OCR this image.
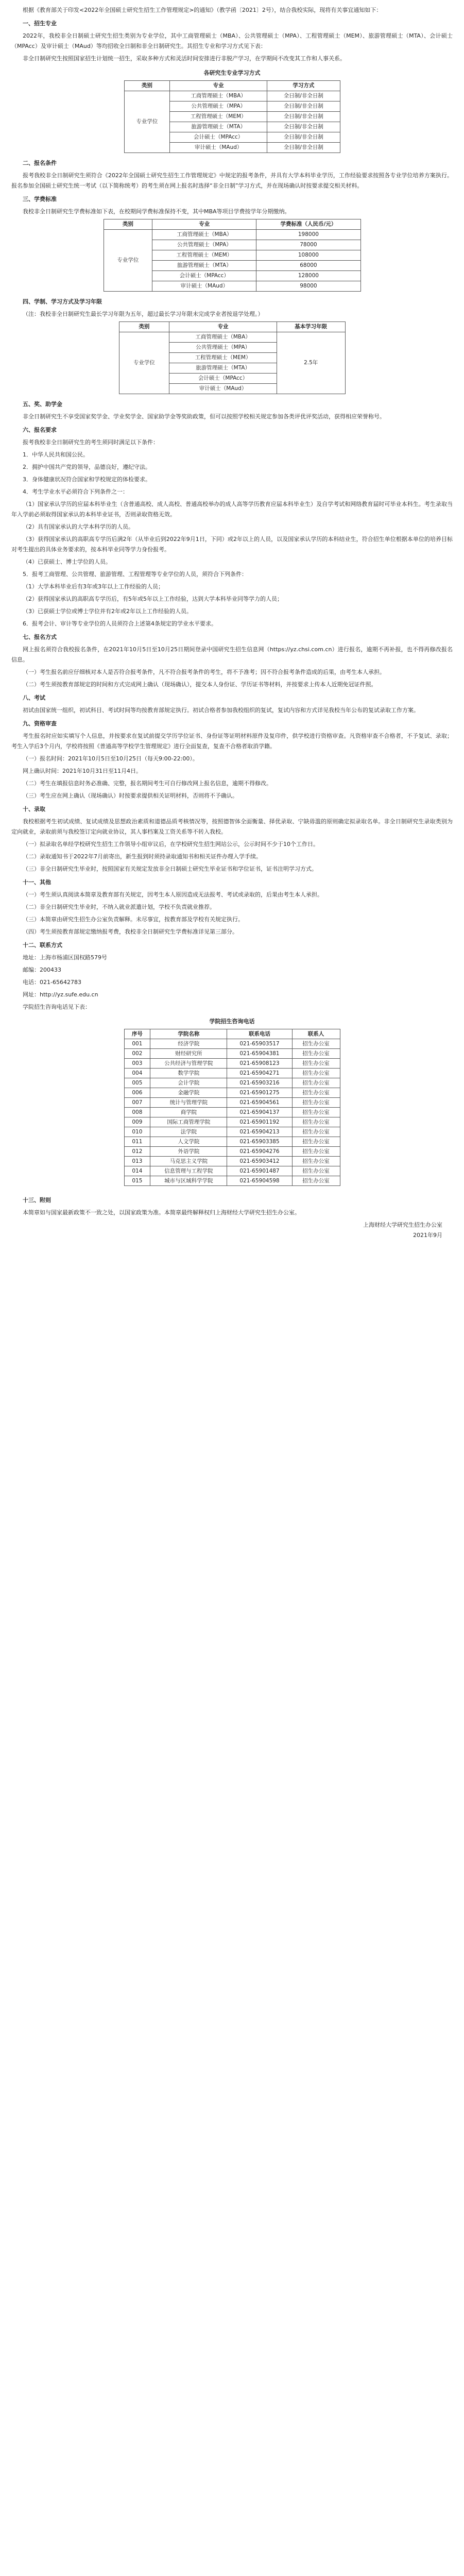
根据《教育部关于印发<2022年全国硕士研究生招生工作管理规定>的通知》（教学函〔2021〕2号），结合我校实际，现将有关事宜通知如下：

一、招生专业

2022年，我校非全日制硕士研究生招生类别为专业学位，其中工商管理硕士（MBA）、公共管理硕士（MPA）、工程管理硕士（MEM）、旅游管理硕士（MTA）、会计硕士（MPAcc）及审计硕士（MAud）等均招收全日制和非全日制研究生。其招生专业和学习方式见下表：

非全日制研究生按照国家招生计划统一招生，采取多种方式和灵活时间安排进行非脱产学习，在学期间不改变其工作和人事关系。

各研究生专业学习方式
类别	专业	学习方式
专业学位	工商管理硕士（MBA）	全日制/非全日制
	公共管理硕士（MPA）	全日制/非全日制
	工程管理硕士（MEM）	全日制/非全日制
	旅游管理硕士（MTA）	全日制/非全日制
	会计硕士（MPAcc）	全日制/非全日制
	审计硕士（MAud）	全日制/非全日制
二、报名条件

报考我校非全日制研究生须符合《2022年全国硕士研究生招生工作管理规定》中规定的报考条件，并具有大学本科毕业学历，工作经验要求按照各专业学位培养方案执行。报名参加全国硕士研究生统一考试（以下简称统考）的考生须在网上报名时选择“非全日制”学习方式，并在现场确认时按要求提交相关材料。

三、学费标准

我校非全日制研究生学费标准如下表，在校期间学费标准保持不变，其中MBA等项目学费按学年分期缴纳。

类别	专业	学费标准（人民币/元）
专业学位	工商管理硕士（MBA）	198000
	公共管理硕士（MPA）	78000
	工程管理硕士（MEM）	108000
	旅游管理硕士（MTA）	68000
	会计硕士（MPAcc）	128000
	审计硕士（MAud）	98000
四、学制、学习方式及学习年限

（注：我校非全日制研究生最长学习年限为五年，超过最长学习年限未完成学业者按退学处理。）

类别	专业	基本学习年限
专业学位	工商管理硕士（MBA）	2.5年
	公共管理硕士（MPA）	
	工程管理硕士（MEM）	
	旅游管理硕士（MTA）	
	会计硕士（MPAcc）	
	审计硕士（MAud）	
五、奖、助学金

非全日制研究生不享受国家奖学金、学业奖学金、国家助学金等奖助政策，但可以按照学校相关规定参加各类评优评奖活动，获得相应荣誉称号。

六、报名要求

报考我校非全日制研究生的考生须同时满足以下条件：

1．中华人民共和国公民。

2．拥护中国共产党的领导，品德良好，遵纪守法。

3．身体健康状况符合国家和学校规定的体检要求。

4．考生学业水平必须符合下列条件之一：

（1）国家承认学历的应届本科毕业生（含普通高校、成人高校、普通高校举办的成人高等学历教育应届本科毕业生）及自学考试和网络教育届时可毕业本科生。考生录取当年入学前必须取得国家承认的本科毕业证书，否则录取资格无效。

（2）具有国家承认的大学本科学历的人员。

（3）获得国家承认的高职高专学历后满2年（从毕业后到2022年9月1日，下同）或2年以上的人员，以及国家承认学历的本科结业生，符合招生单位根据本单位的培养目标对考生提出的具体业务要求的，按本科毕业同等学力身份报考。

（4）已获硕士、博士学位的人员。

5．报考工商管理、公共管理、旅游管理、工程管理等专业学位的人员，须符合下列条件：

（1）大学本科毕业后有3年或3年以上工作经验的人员；

（2）获得国家承认的高职高专学历后，有5年或5年以上工作经验，达到大学本科毕业同等学力的人员；

（3）已获硕士学位或博士学位并有2年或2年以上工作经验的人员。

6．报考会计、审计等专业学位的人员须符合上述第4条规定的学业水平要求。

七、报名方式

网上报名须符合我校报名条件，在2021年10月5日至10月25日期间登录中国研究生招生信息网（https://yz.chsi.com.cn）进行报名，逾期不再补报，也不得再修改报名信息。

（一）考生报名前应仔细核对本人是否符合报考条件，凡不符合报考条件的考生，将不予准考；因不符合报考条件造成的后果，由考生本人承担。

（二）考生须按教育部规定的时间和方式完成网上确认（现场确认），提交本人身份证、学历证书等材料，并按要求上传本人近期免冠证件照。

八、考试

初试由国家统一组织，初试科目、考试时间等均按教育部规定执行。初试合格者参加我校组织的复试，复试内容和方式详见我校当年公布的复试录取工作方案。

九、资格审查

考生报名时应如实填写个人信息，并按要求在复试前提交学历学位证书、身份证等证明材料原件及复印件，供学校进行资格审查。凡资格审查不合格者，不予复试、录取；考生入学后3个月内，学校将按照《普通高等学校学生管理规定》进行全面复查，复查不合格者取消学籍。

（一）报名时间：2021年10月5日至10月25日（每天9:00-22:00）。

网上确认时间：2021年10月31日至11月4日。

（二）考生在填报信息时务必准确、完整，报名期间考生可自行修改网上报名信息，逾期不得修改。

（三）考生应在网上确认（现场确认）时按要求提供相关证明材料，否则将不予确认。

十、录取

我校根据考生初试成绩、复试成绩及思想政治素质和道德品质考核情况等，按照德智体全面衡量、择优录取、宁缺毋滥的原则确定拟录取名单。非全日制研究生录取类别为定向就业，录取前须与我校签订定向就业协议，其人事档案及工资关系等不转入我校。

（一）拟录取名单经学校研究生招生工作领导小组审议后，在学校研究生招生网站公示，公示时间不少于10个工作日。

（二）录取通知书于2022年7月前寄出，新生报到时须持录取通知书和相关证件办理入学手续。

（三）非全日制研究生毕业时，按照国家有关规定发放非全日制硕士研究生毕业证书和学位证书，证书注明学习方式。

十一、其他

（一）考生须认真阅读本简章及教育部有关规定，因考生本人原因造成无法报考、考试或录取的，后果由考生本人承担。

（二）非全日制研究生毕业时，不纳入就业派遣计划，学校不负责就业推荐。

（三）本简章由研究生招生办公室负责解释。未尽事宜，按教育部及学校有关规定执行。

（四）考生须按教育部规定缴纳报考费，我校非全日制研究生学费标准详见第三部分。

十二、联系方式

地址：上海市杨浦区国权路579号

邮编：200433

电话：021-65642783

网址：http://yz.sufe.edu.cn

学院招生咨询电话见下表：

学院招生咨询电话
序号	学院名称	联系电话	联系人
001	经济学院	021-65903517	招生办公室
002	财经研究所	021-65904381	招生办公室
003	公共经济与管理学院	021-65908123	招生办公室
004	数学学院	021-65904271	招生办公室
005	会计学院	021-65903216	招生办公室
006	金融学院	021-65901275	招生办公室
007	统计与管理学院	021-65904561	招生办公室
008	商学院	021-65904137	招生办公室
009	国际工商管理学院	021-65901192	招生办公室
010	法学院	021-65904213	招生办公室
011	人文学院	021-65903385	招生办公室
012	外语学院	021-65904276	招生办公室
013	马克思主义学院	021-65903412	招生办公室
014	信息管理与工程学院	021-65901487	招生办公室
015	城市与区域科学学院	021-65904598	招生办公室
十三、附则

本简章如与国家最新政策不一致之处，以国家政策为准。本简章最终解释权归上海财经大学研究生招生办公室。

上海财经大学研究生招生办公室
2021年9月
